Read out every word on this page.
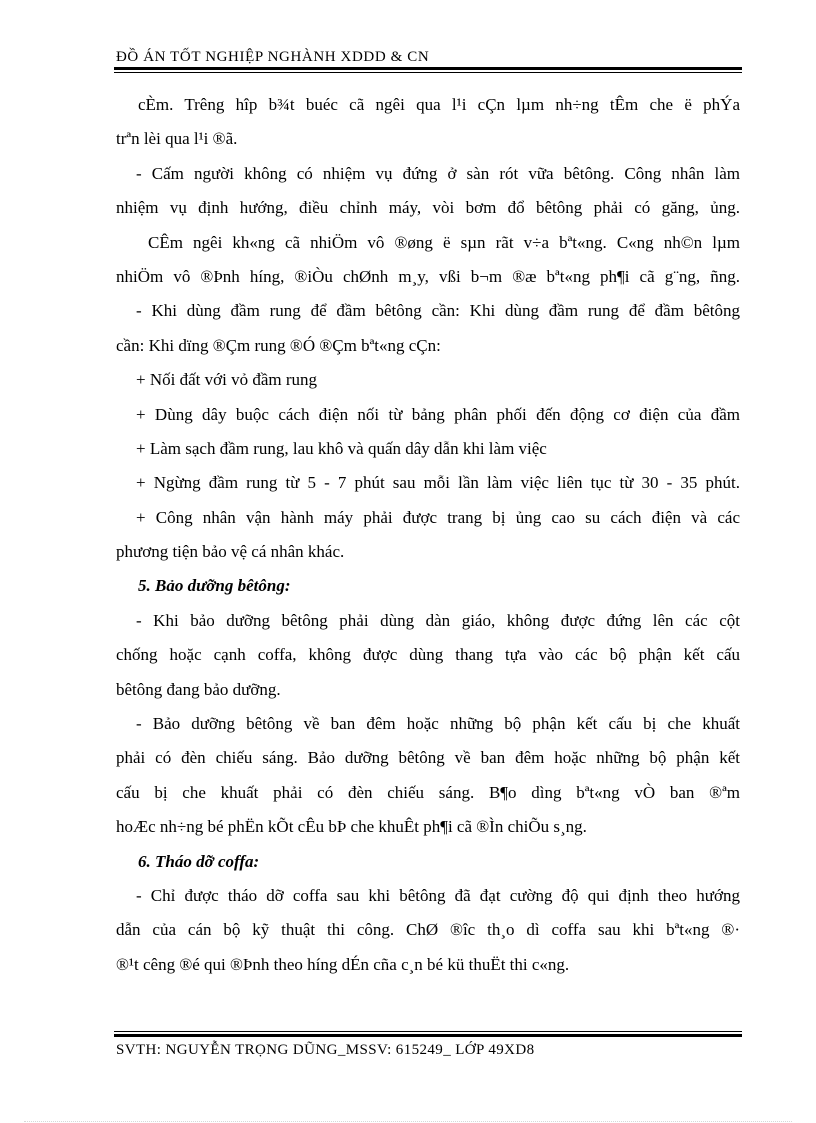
ĐỒ ÁN TỐT NGHIỆP NGHÀNH XDDD & CN
cÈm. Trêng hîp b¾t buéc cã ngêi qua l¹i cÇn lµm nh÷ng tÊm che ë phÝa
trªn lèi qua l¹i ®ã.
- Cấm người không có nhiệm vụ đứng ở sàn rót vữa bêtông. Công nhân làm
nhiệm vụ định hướng, điều chỉnh máy, vòi bơm đổ bêtông phải có găng, ủng.
CÊm ngêi kh«ng cã nhiÖm vô ®øng ë sµn rãt v÷a bªt«ng. C«ng nh©n lµm
nhiÖm vô ®Þnh híng, ®iÒu chØnh m¸y, vßi b¬m ®æ bªt«ng ph¶i cã g¨ng, ñng.
- Khi dùng đầm rung để đầm bêtông cần: Khi dùng đầm rung để đầm bêtông
cần: Khi dïng ®Çm rung ®Ó ®Çm bªt«ng cÇn:
+ Nối đất với vỏ đầm rung
+ Dùng dây buộc cách điện nối từ bảng phân phối đến động cơ điện của đầm
+ Làm sạch đầm rung, lau khô và quấn dây dẫn khi làm việc
+ Ngừng đầm rung từ 5 - 7 phút sau mỗi lần làm việc liên tục từ 30 - 35 phút.
+ Công nhân vận hành máy phải được trang bị ủng cao su cách điện và các
phương tiện bảo vệ cá nhân khác.
5. Bảo dưỡng bêtông:
- Khi bảo dưỡng bêtông phải dùng dàn giáo, không được đứng lên các cột
chống hoặc cạnh coffa, không được dùng thang tựa vào các bộ phận kết cấu
bêtông đang bảo dưỡng.
- Bảo dưỡng bêtông về ban đêm hoặc những bộ phận kết cấu bị che khuất
phải có đèn chiếu sáng. Bảo dưỡng bêtông về ban đêm hoặc những bộ phận kết
cấu bị che khuất phải có đèn chiếu sáng. B¶o dìng bªt«ng vÒ ban ®ªm
hoÆc nh÷ng bé phËn kÕt cÊu bÞ che khuÊt ph¶i cã ®Ìn chiÕu s¸ng.
6. Tháo dỡ coffa:
- Chỉ được tháo dỡ coffa sau khi bêtông đã đạt cường độ qui định theo hướng
dẫn của cán bộ kỹ thuật thi công. ChØ ®îc th¸o dì coffa sau khi bªt«ng ®·
®¹t cêng ®é qui ®Þnh theo híng dÉn cña c¸n bé kü thuËt thi c«ng.
SVTH: NGUYỄN TRỌNG DŨNG_MSSV: 615249_ LỚP 49XD8
